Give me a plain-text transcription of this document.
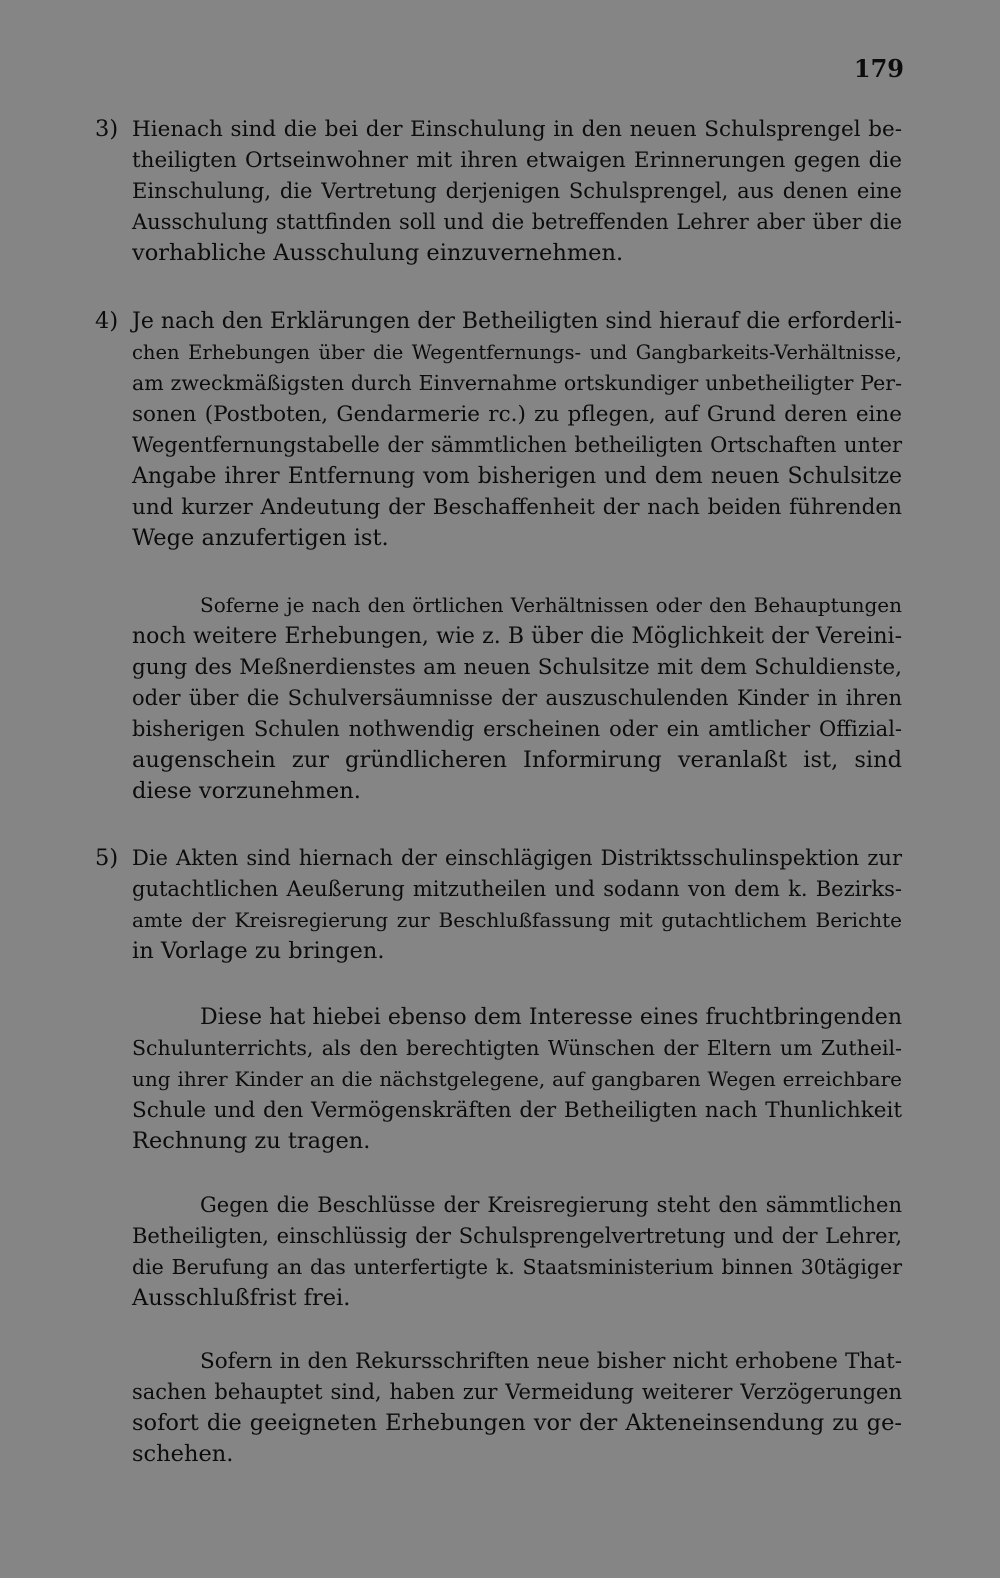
179
3) Hienach sind die bei der Einschulung in den neuen Schulsprengel be-
theiligten Ortseinwohner mit ihren etwaigen Erinnerungen gegen die
Einschulung, die Vertretung derjenigen Schulsprengel, aus denen eine
Ausschulung stattfinden soll und die betreffenden Lehrer aber über die
vorhabliche Ausschulung einzuvernehmen.
4) Je nach den Erklärungen der Betheiligten sind hierauf die erforderli-
chen Erhebungen über die Wegentfernungs- und Gangbarkeits-Verhältnisse,
am zweckmäßigsten durch Einvernahme ortskundiger unbetheiligter Per-
sonen (Postboten, Gendarmerie rc.) zu pflegen, auf Grund deren eine
Wegentfernungstabelle der sämmtlichen betheiligten Ortschaften unter
Angabe ihrer Entfernung vom bisherigen und dem neuen Schulsitze
und kurzer Andeutung der Beschaffenheit der nach beiden führenden
Wege anzufertigen ist.
Soferne je nach den örtlichen Verhältnissen oder den Behauptungen
noch weitere Erhebungen, wie z. B über die Möglichkeit der Vereini-
gung des Meßnerdienstes am neuen Schulsitze mit dem Schuldienste,
oder über die Schulversäumnisse der auszuschulenden Kinder in ihren
bisherigen Schulen nothwendig erscheinen oder ein amtlicher Offizial-
augenschein zur gründlicheren Informirung veranlaßt ist, sind
diese vorzunehmen.
5) Die Akten sind hiernach der einschlägigen Distriktsschulinspektion zur
gutachtlichen Aeußerung mitzutheilen und sodann von dem k. Bezirks-
amte der Kreisregierung zur Beschlußfassung mit gutachtlichem Berichte
in Vorlage zu bringen.
Diese hat hiebei ebenso dem Interesse eines fruchtbringenden
Schulunterrichts, als den berechtigten Wünschen der Eltern um Zutheil-
ung ihrer Kinder an die nächstgelegene, auf gangbaren Wegen erreichbare
Schule und den Vermögenskräften der Betheiligten nach Thunlichkeit
Rechnung zu tragen.
Gegen die Beschlüsse der Kreisregierung steht den sämmtlichen
Betheiligten, einschlüssig der Schulsprengelvertretung und der Lehrer,
die Berufung an das unterfertigte k. Staatsministerium binnen 30tägiger
Ausschlußfrist frei.
Sofern in den Rekursschriften neue bisher nicht erhobene That-
sachen behauptet sind, haben zur Vermeidung weiterer Verzögerungen
sofort die geeigneten Erhebungen vor der Akteneinsendung zu ge-
schehen.
